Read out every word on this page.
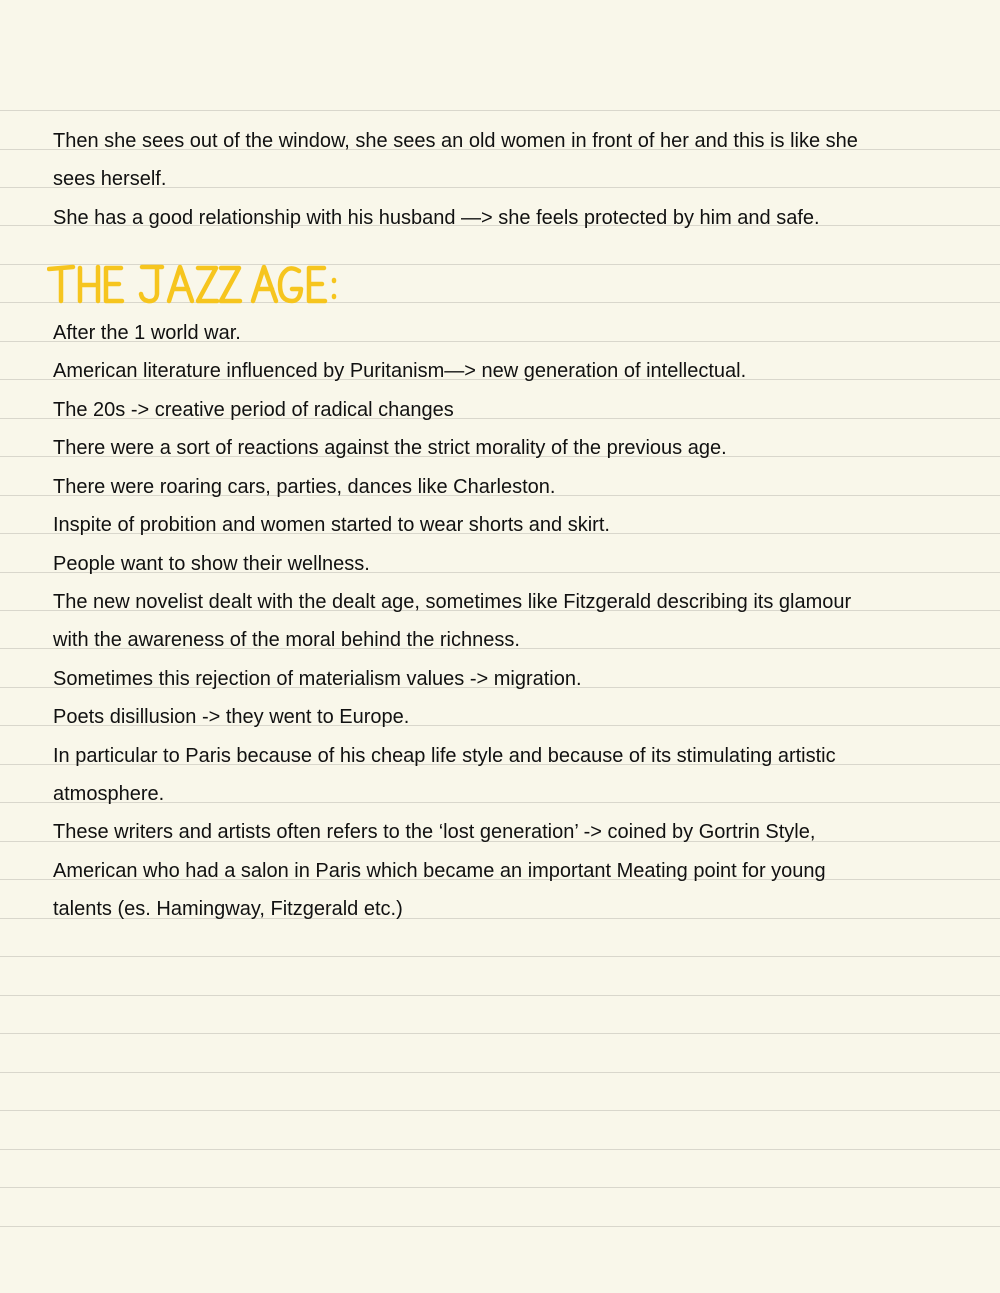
Then she sees out of the window, she sees an old women in front of her and this is like she
sees herself.
She has a good relationship with his husband —> she feels protected by him and safe.
After the 1 world war.
American literature influenced by Puritanism—> new generation of intellectual.
The 20s -> creative period of radical changes
There were a sort of reactions against the strict morality of the previous age.
There were roaring cars, parties, dances like Charleston.
Inspite of probition and women started to wear shorts and skirt.
People want to show their wellness.
The new novelist dealt with the dealt age, sometimes like Fitzgerald describing its glamour
with the awareness of the moral behind the richness.
Sometimes this rejection of materialism values -> migration.
Poets disillusion -> they went to Europe.
In particular to Paris because of his cheap life style and because of its stimulating artistic
atmosphere.
These writers and artists often refers to the ‘lost generation’ -> coined by Gortrin Style,
American who had a salon in Paris which became an important Meating point for young
talents (es. Hamingway, Fitzgerald etc.)
